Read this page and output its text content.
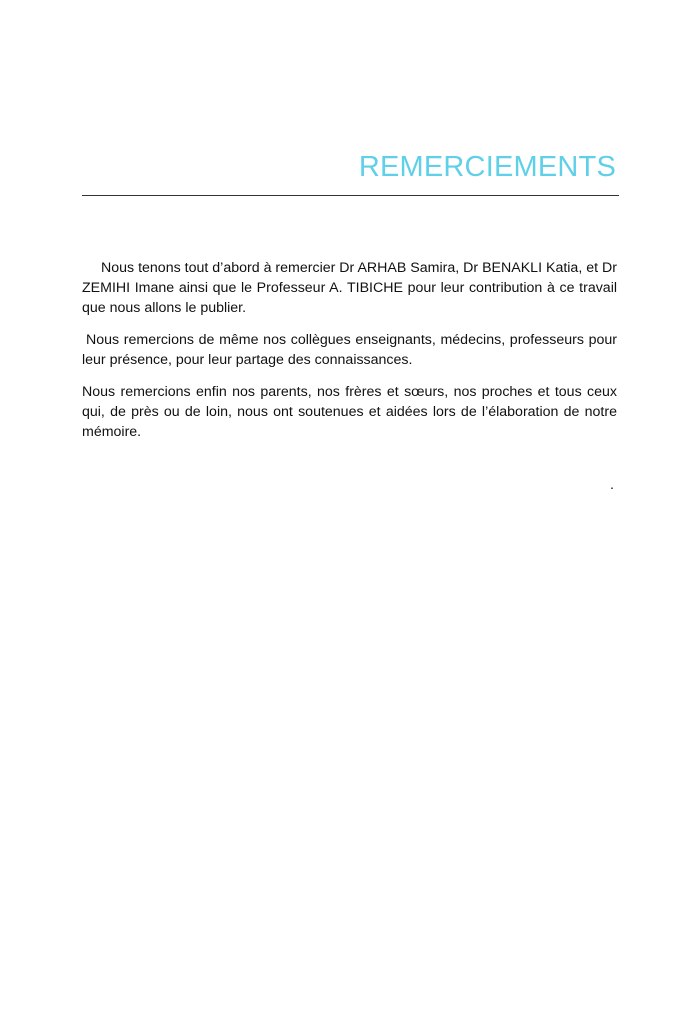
REMERCIEMENTS

Nous tenons tout d’abord à remercier Dr ARHAB Samira, Dr BENAKLI Katia, et Dr ZEMIHI Imane ainsi que le Professeur A. TIBICHE pour leur contribution à ce travail que nous allons le publier.

Nous remercions de même nos collègues enseignants, médecins, professeurs pour leur présence, pour leur partage des connaissances.

Nous remercions enfin nos parents, nos frères et sœurs, nos proches et tous ceux qui, de près ou de loin, nous ont soutenues et aidées lors de l’élaboration de notre mémoire.

.
